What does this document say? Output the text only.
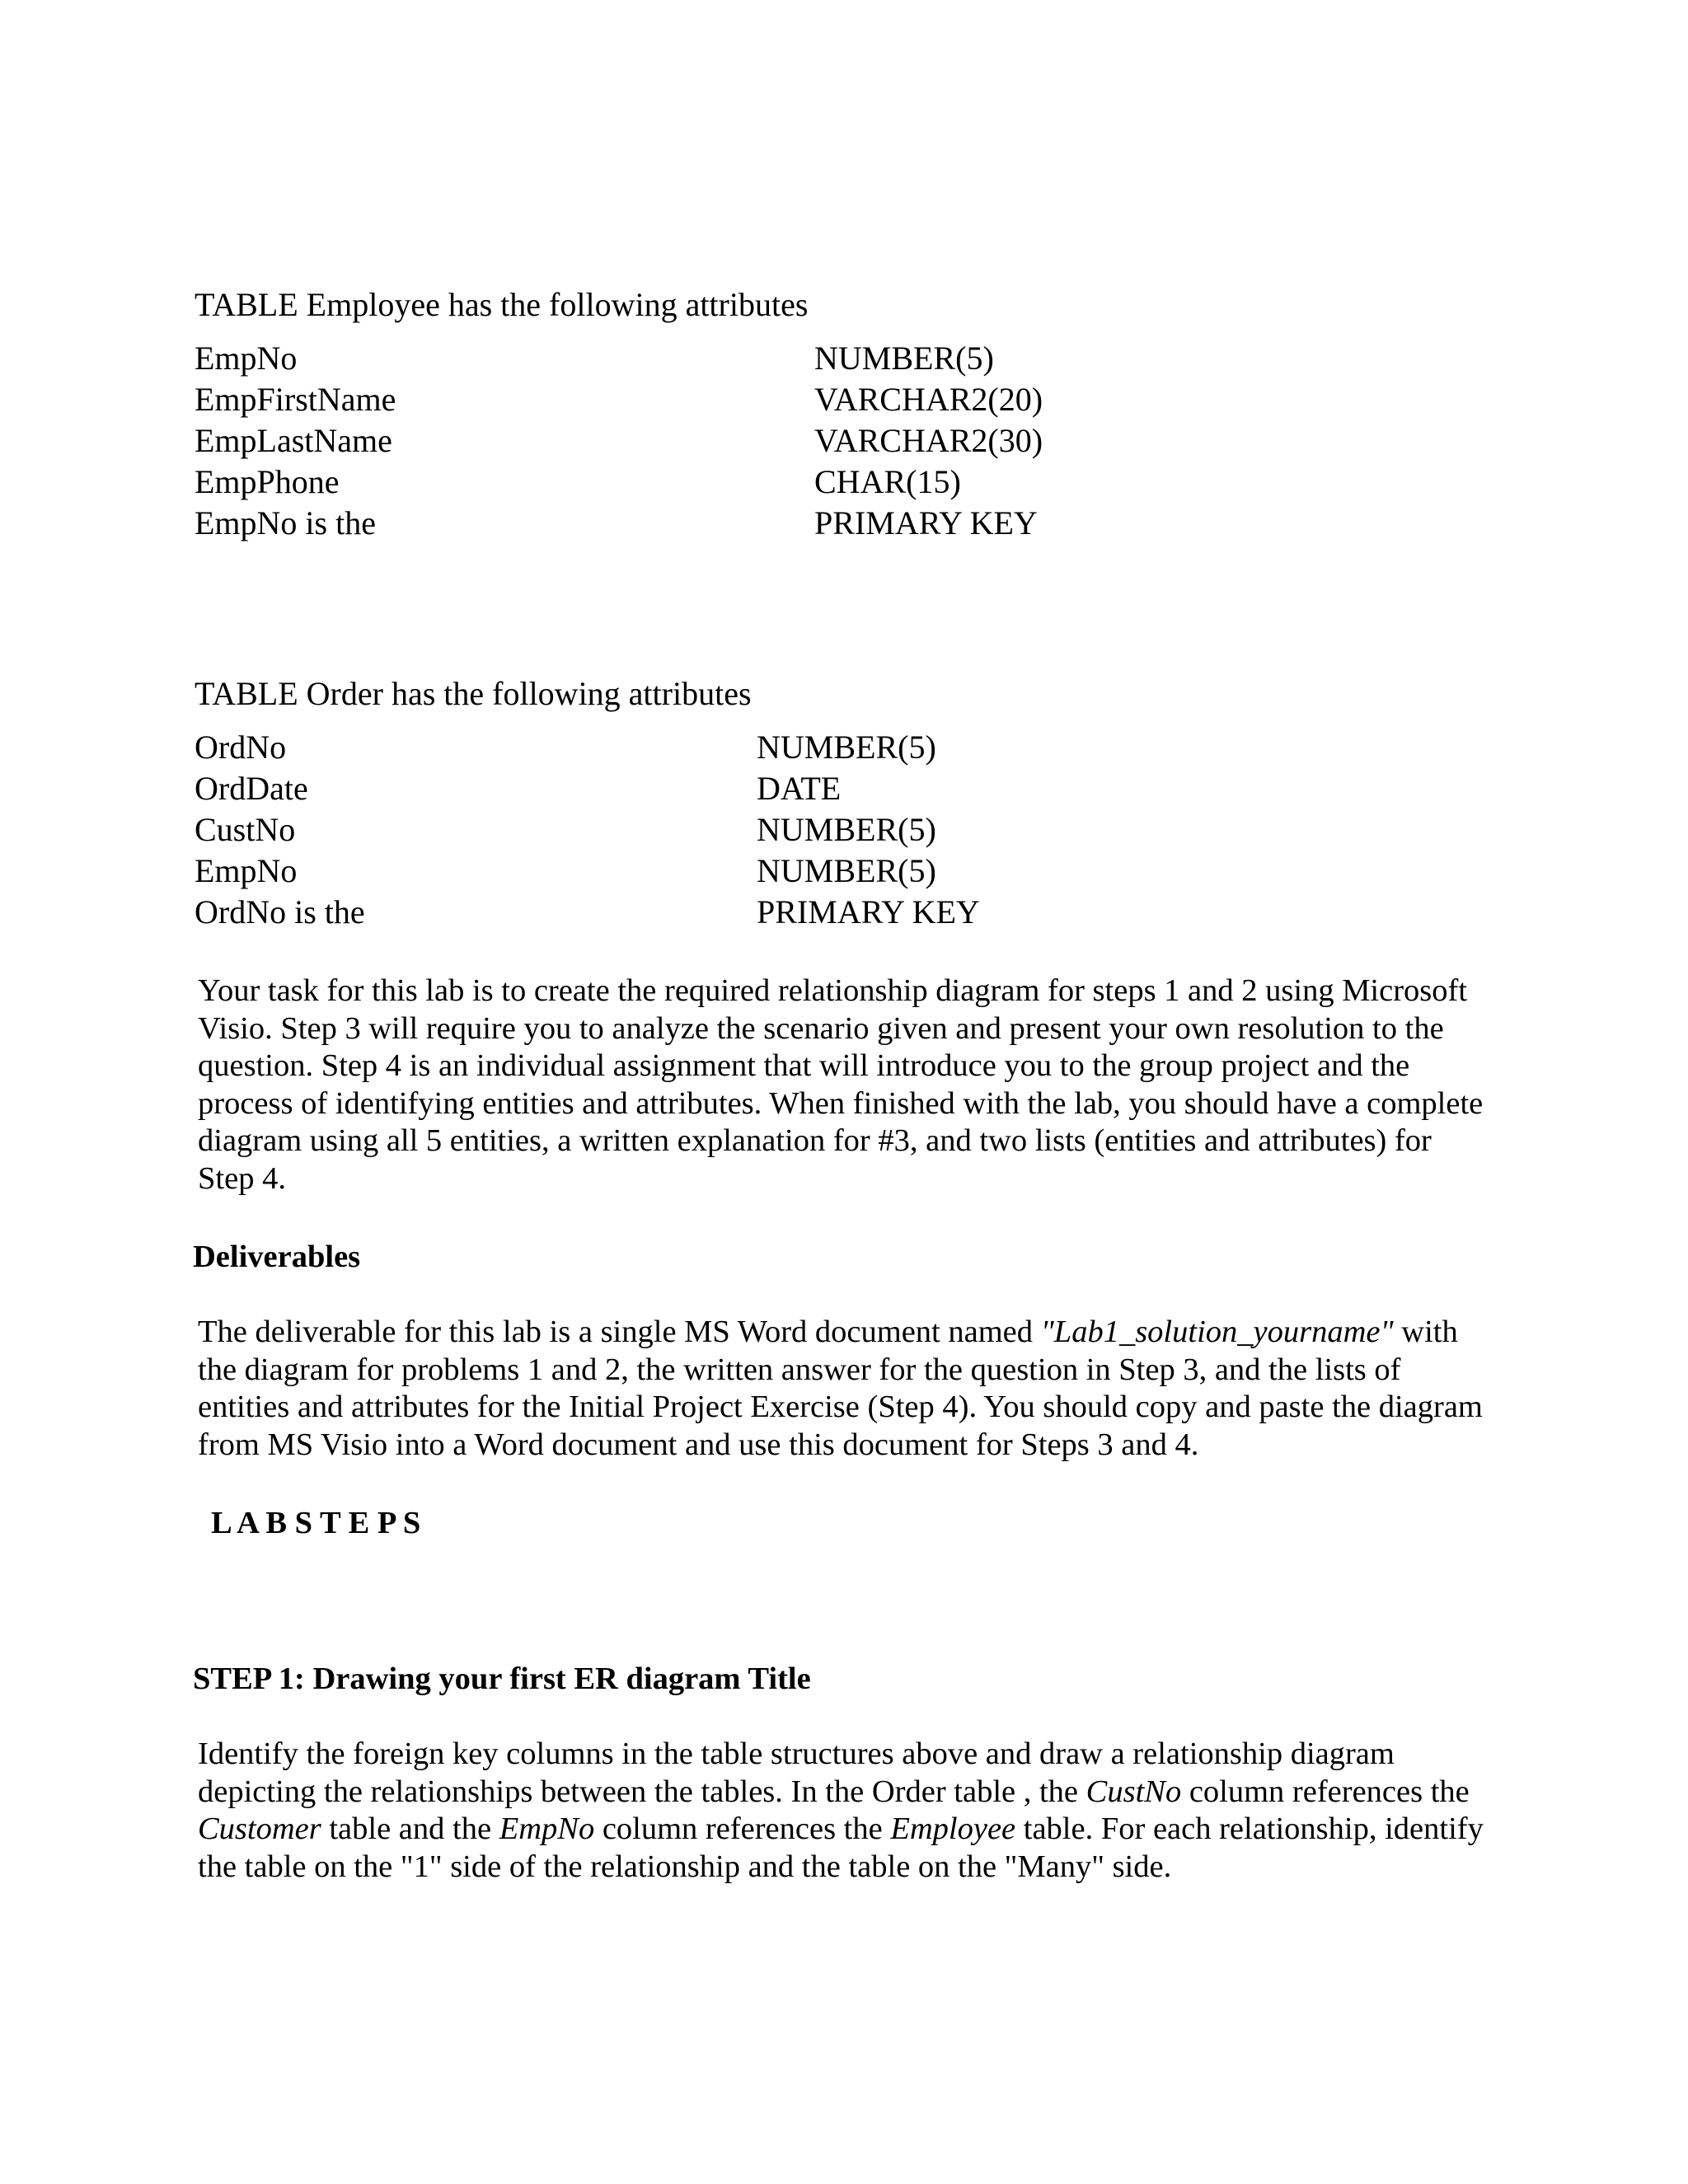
TABLE Employee has the following attributes
EmpNo	NUMBER(5)
EmpFirstName	VARCHAR2(20)
EmpLastName	VARCHAR2(30)
EmpPhone	CHAR(15)
EmpNo is the	PRIMARY KEY
TABLE Order has the following attributes
OrdNo	NUMBER(5)
OrdDate	DATE
CustNo	NUMBER(5)
EmpNo	NUMBER(5)
OrdNo is the	PRIMARY KEY
Your task for this lab is to create the required relationship diagram for steps 1 and 2 using Microsoft Visio. Step 3 will require you to analyze the scenario given and present your own resolution to the question. Step 4 is an individual assignment that will introduce you to the group project and the process of identifying entities and attributes. When finished with the lab, you should have a complete diagram using all 5 entities, a written explanation for #3, and two lists (entities and attributes) for Step 4.
Deliverables
The deliverable for this lab is a single MS Word document named "Lab1_solution_yourname" with the diagram for problems 1 and 2, the written answer for the question in Step 3, and the lists of entities and attributes for the Initial Project Exercise (Step 4). You should copy and paste the diagram from MS Visio into a Word document and use this document for Steps 3 and 4.
L A B S T E P S
STEP 1: Drawing your first ER diagram Title
Identify the foreign key columns in the table structures above and draw a relationship diagram depicting the relationships between the tables. In the Order table , the CustNo column references the Customer table and the EmpNo column references the Employee table. For each relationship, identify the table on the "1" side of the relationship and the table on the "Many" side.
